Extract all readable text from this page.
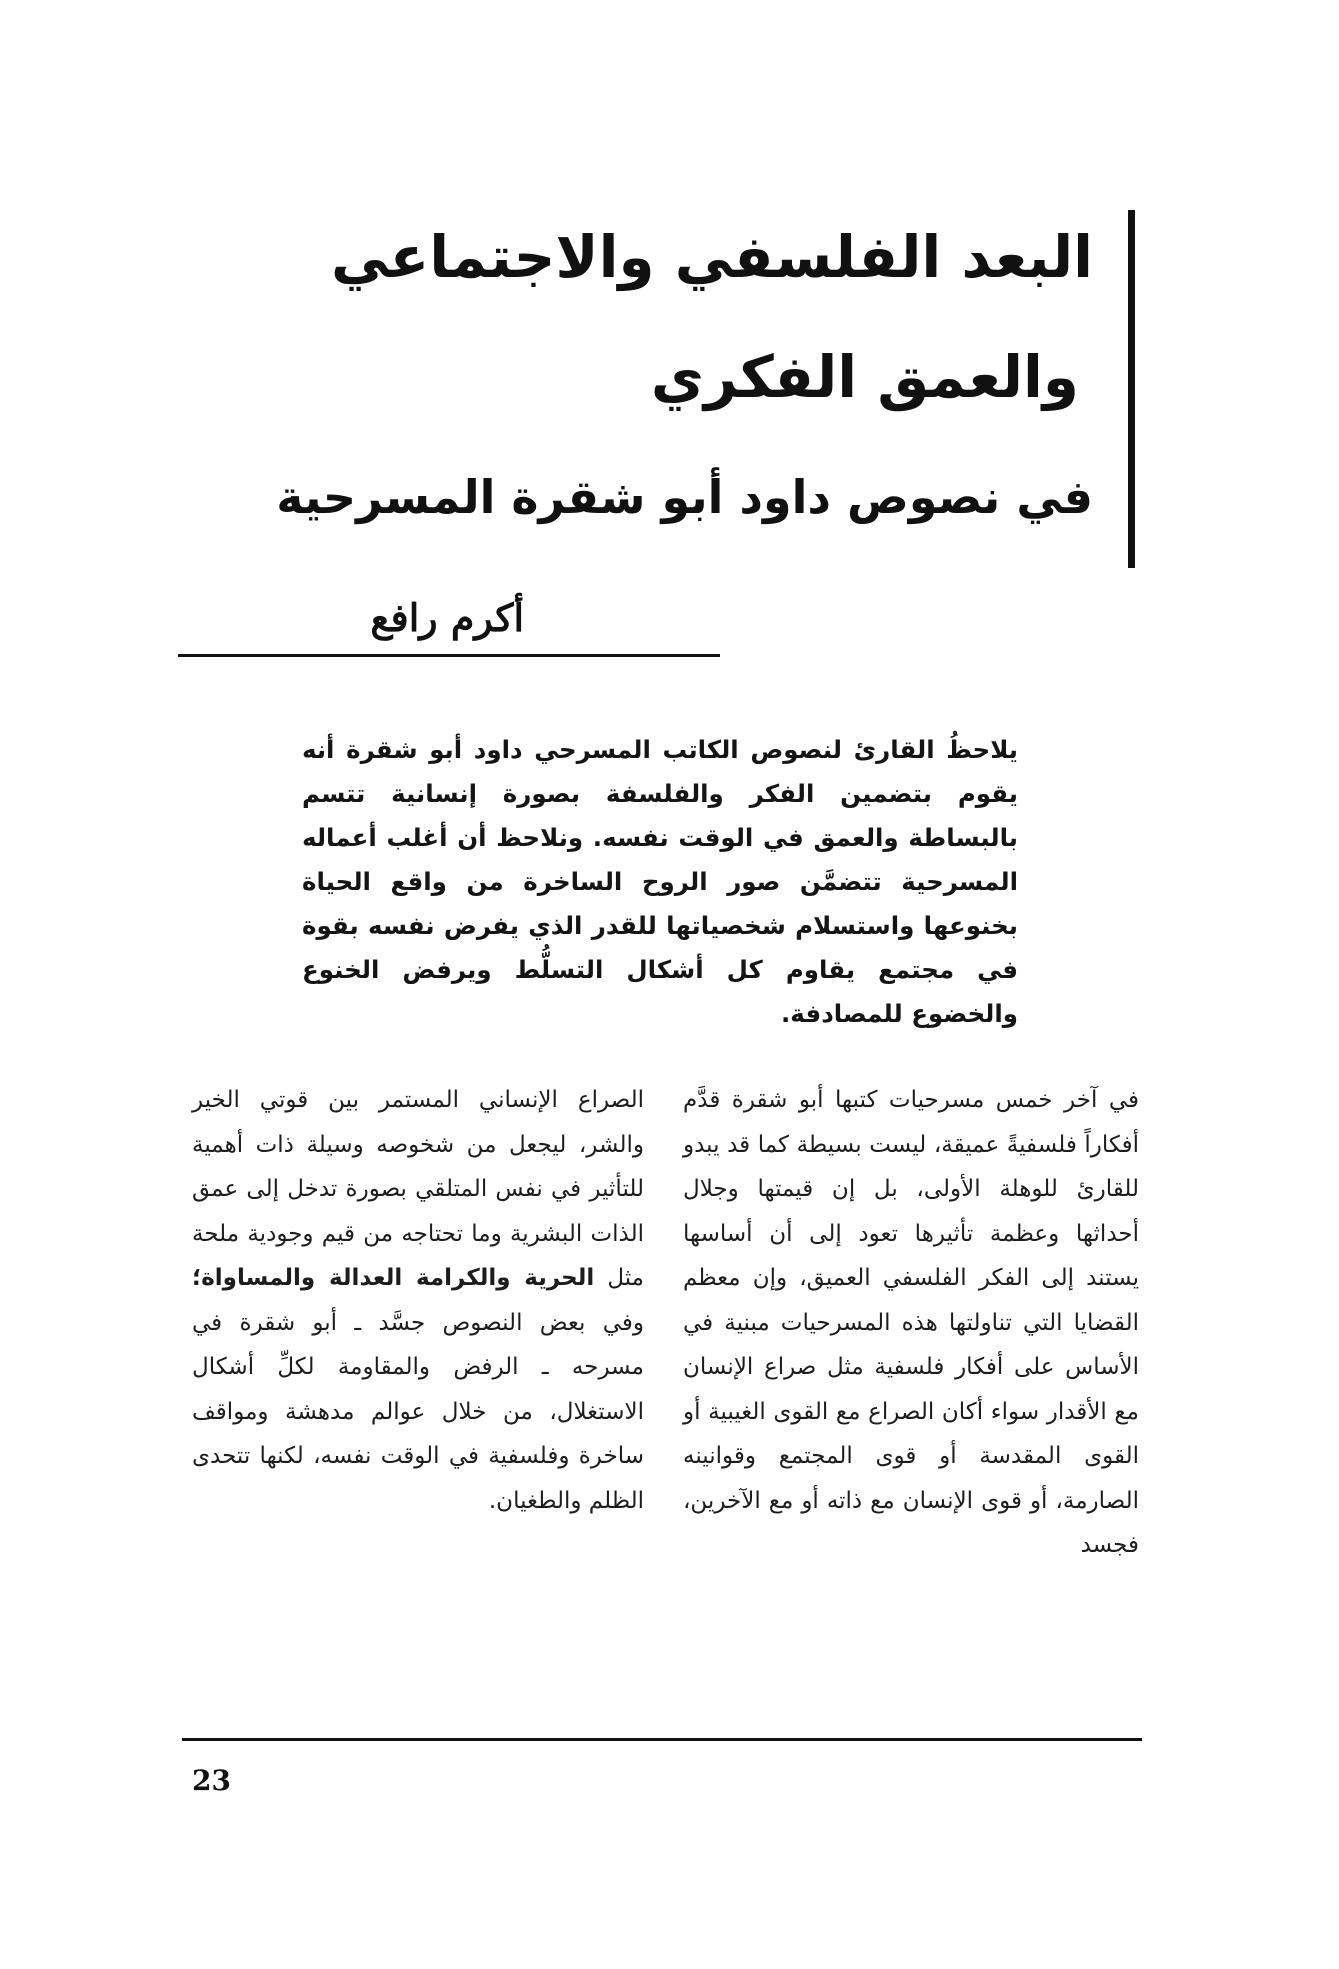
البعد الفلسفي والاجتماعي
والعمق الفكري
في نصوص داود أبو شقرة المسرحية

أكرم رافع

يلاحظُ القارئ لنصوص الكاتب المسرحي داود أبو شقرة أنه يقوم بتضمين الفكر والفلسفة بصورة إنسانية تتسم بالبساطة والعمق في الوقت نفسه. ونلاحظ أن أغلب أعماله المسرحية تتضمَّن صور الروح الساخرة من واقع الحياة بخنوعها واستسلام شخصياتها للقدر الذي يفرض نفسه بقوة في مجتمع يقاوم كل أشكال التسلُّط ويرفض الخنوع والخضوع للمصادفة.

في آخر خمس مسرحيات كتبها أبو شقرة قدَّم أفكاراً فلسفيةً عميقة، ليست بسيطة كما قد يبدو للقارئ للوهلة الأولى، بل إن قيمتها وجلال أحداثها وعظمة تأثيرها تعود إلى أن أساسها يستند إلى الفكر الفلسفي العميق، وإن معظم القضايا التي تناولتها هذه المسرحيات مبنية في الأساس على أفكار فلسفية مثل صراع الإنسان مع الأقدار سواء أكان الصراع مع القوى الغيبية أو القوى المقدسة أو قوى المجتمع وقوانينه الصارمة، أو قوى الإنسان مع ذاته أو مع الآخرين، فجسد

الصراع الإنساني المستمر بين قوتي الخير والشر، ليجعل من شخوصه وسيلة ذات أهمية للتأثير في نفس المتلقي بصورة تدخل إلى عمق الذات البشرية وما تحتاجه من قيم وجودية ملحة مثل الحرية والكرامة العدالة والمساواة؛ وفي بعض النصوص جسَّد ـ أبو شقرة في مسرحه ـ الرفض والمقاومة لكلِّ أشكال الاستغلال، من خلال عوالم مدهشة ومواقف ساخرة وفلسفية في الوقت نفسه، لكنها تتحدى الظلم والطغيان.

23
